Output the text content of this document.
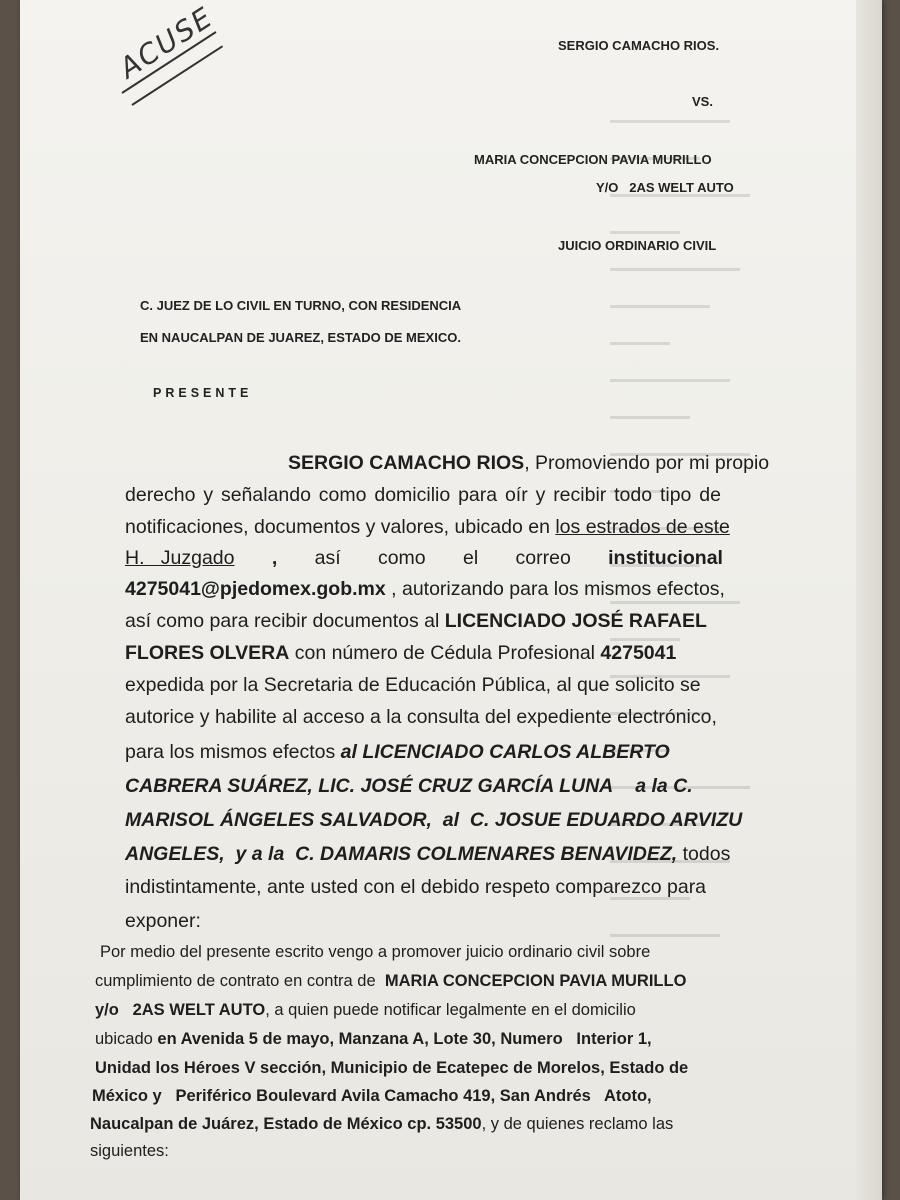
ACUSE	SERGIO CAMACHO RIOS.
VS.
MARIA CONCEPCION PAVIA MURILLO
Y/O   2AS WELT AUTO
JUICIO ORDINARIO CIVIL
C. JUEZ DE LO CIVIL EN TURNO, CON RESIDENCIA
EN NAUCALPAN DE JUAREZ, ESTADO DE MEXICO.
PRESENTE
SERGIO CAMACHO RIOS, Promoviendo por mi propio
derecho y señalando como domicilio para oír y recibir todo tipo de
notificaciones, documentos y valores, ubicado en los estrados de este
H.   Juzgado , así como el correo institucional
4275041@pjedomex.gob.mx , autorizando para los mismos efectos,
así como para recibir documentos al LICENCIADO JOSÉ RAFAEL
FLORES OLVERA con número de Cédula Profesional 4275041
expedida por la Secretaria de Educación Pública, al que solicito se
autorice y habilite al acceso a la consulta del expediente electrónico,
para los mismos efectos al LICENCIADO CARLOS ALBERTO
CABRERA SUÁREZ, LIC. JOSÉ CRUZ GARCÍA LUNA a la C.
MARISOL ÁNGELES SALVADOR,  al  C. JOSUE EDUARDO ARVIZU
ANGELES,  y a la  C. DAMARIS COLMENARES BENAVIDEZ, todos
indistintamente, ante usted con el debido respeto comparezco para
exponer:
Por medio del presente escrito vengo a promover juicio ordinario civil sobre
cumplimiento de contrato en contra de  MARIA CONCEPCION PAVIA MURILLO
y/o   2AS WELT AUTO, a quien puede notificar legalmente en el domicilio
ubicado en Avenida 5 de mayo, Manzana A, Lote 30, Numero   Interior 1,
Unidad los Héroes V sección, Municipio de Ecatepec de Morelos, Estado de
México y   Periférico Boulevard Avila Camacho 419, San Andrés   Atoto,
Naucalpan de Juárez, Estado de México cp. 53500, y de quienes reclamo las
siguientes:
